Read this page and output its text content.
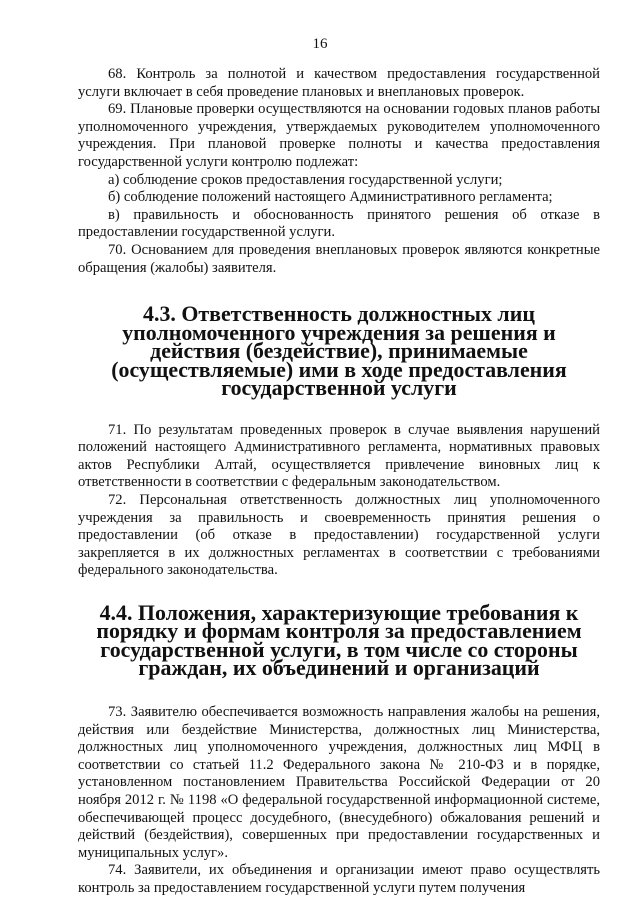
16

68. Контроль за полнотой и качеством предоставления государственной услуги включает в себя проведение плановых и внеплановых проверок.

69. Плановые проверки осуществляются на основании годовых планов работы уполномоченного учреждения, утверждаемых руководителем уполномоченного учреждения. При плановой проверке полноты и качества предоставления государственной услуги контролю подлежат:

а) соблюдение сроков предоставления государственной услуги;

б) соблюдение положений настоящего Административного регламента;

в) правильность и обоснованность принятого решения об отказе в предоставлении государственной услуги.

70. Основанием для проведения внеплановых проверок являются конкретные обращения (жалобы) заявителя.

4.3. Ответственность должностных лиц уполномоченного учреждения за решения и действия (бездействие), принимаемые (осуществляемые) ими в ходе предоставления государственной услуги

71. По результатам проведенных проверок в случае выявления нарушений положений настоящего Административного регламента, нормативных правовых актов Республики Алтай, осуществляется привлечение виновных лиц к ответственности в соответствии с федеральным законодательством.

72. Персональная ответственность должностных лиц уполномоченного учреждения за правильность и своевременность принятия решения о предоставлении (об отказе в предоставлении) государственной услуги закрепляется в их должностных регламентах в соответствии с требованиями федерального законодательства.

4.4. Положения, характеризующие требования к порядку и формам контроля за предоставлением государственной услуги, в том числе со стороны граждан, их объединений и организаций

73. Заявителю обеспечивается возможность направления жалобы на решения, действия или бездействие Министерства, должностных лиц Министерства, должностных лиц уполномоченного учреждения, должностных лиц МФЦ в соответствии со статьей 11.2 Федерального закона № 210-ФЗ и в порядке, установленном постановлением Правительства Российской Федерации от 20 ноября 2012 г. № 1198 «О федеральной государственной информационной системе, обеспечивающей процесс досудебного, (внесудебного) обжалования решений и действий (бездействия), совершенных при предоставлении государственных и муниципальных услуг».

74. Заявители, их объединения и организации имеют право осуществлять контроль за предоставлением государственной услуги путем получения
